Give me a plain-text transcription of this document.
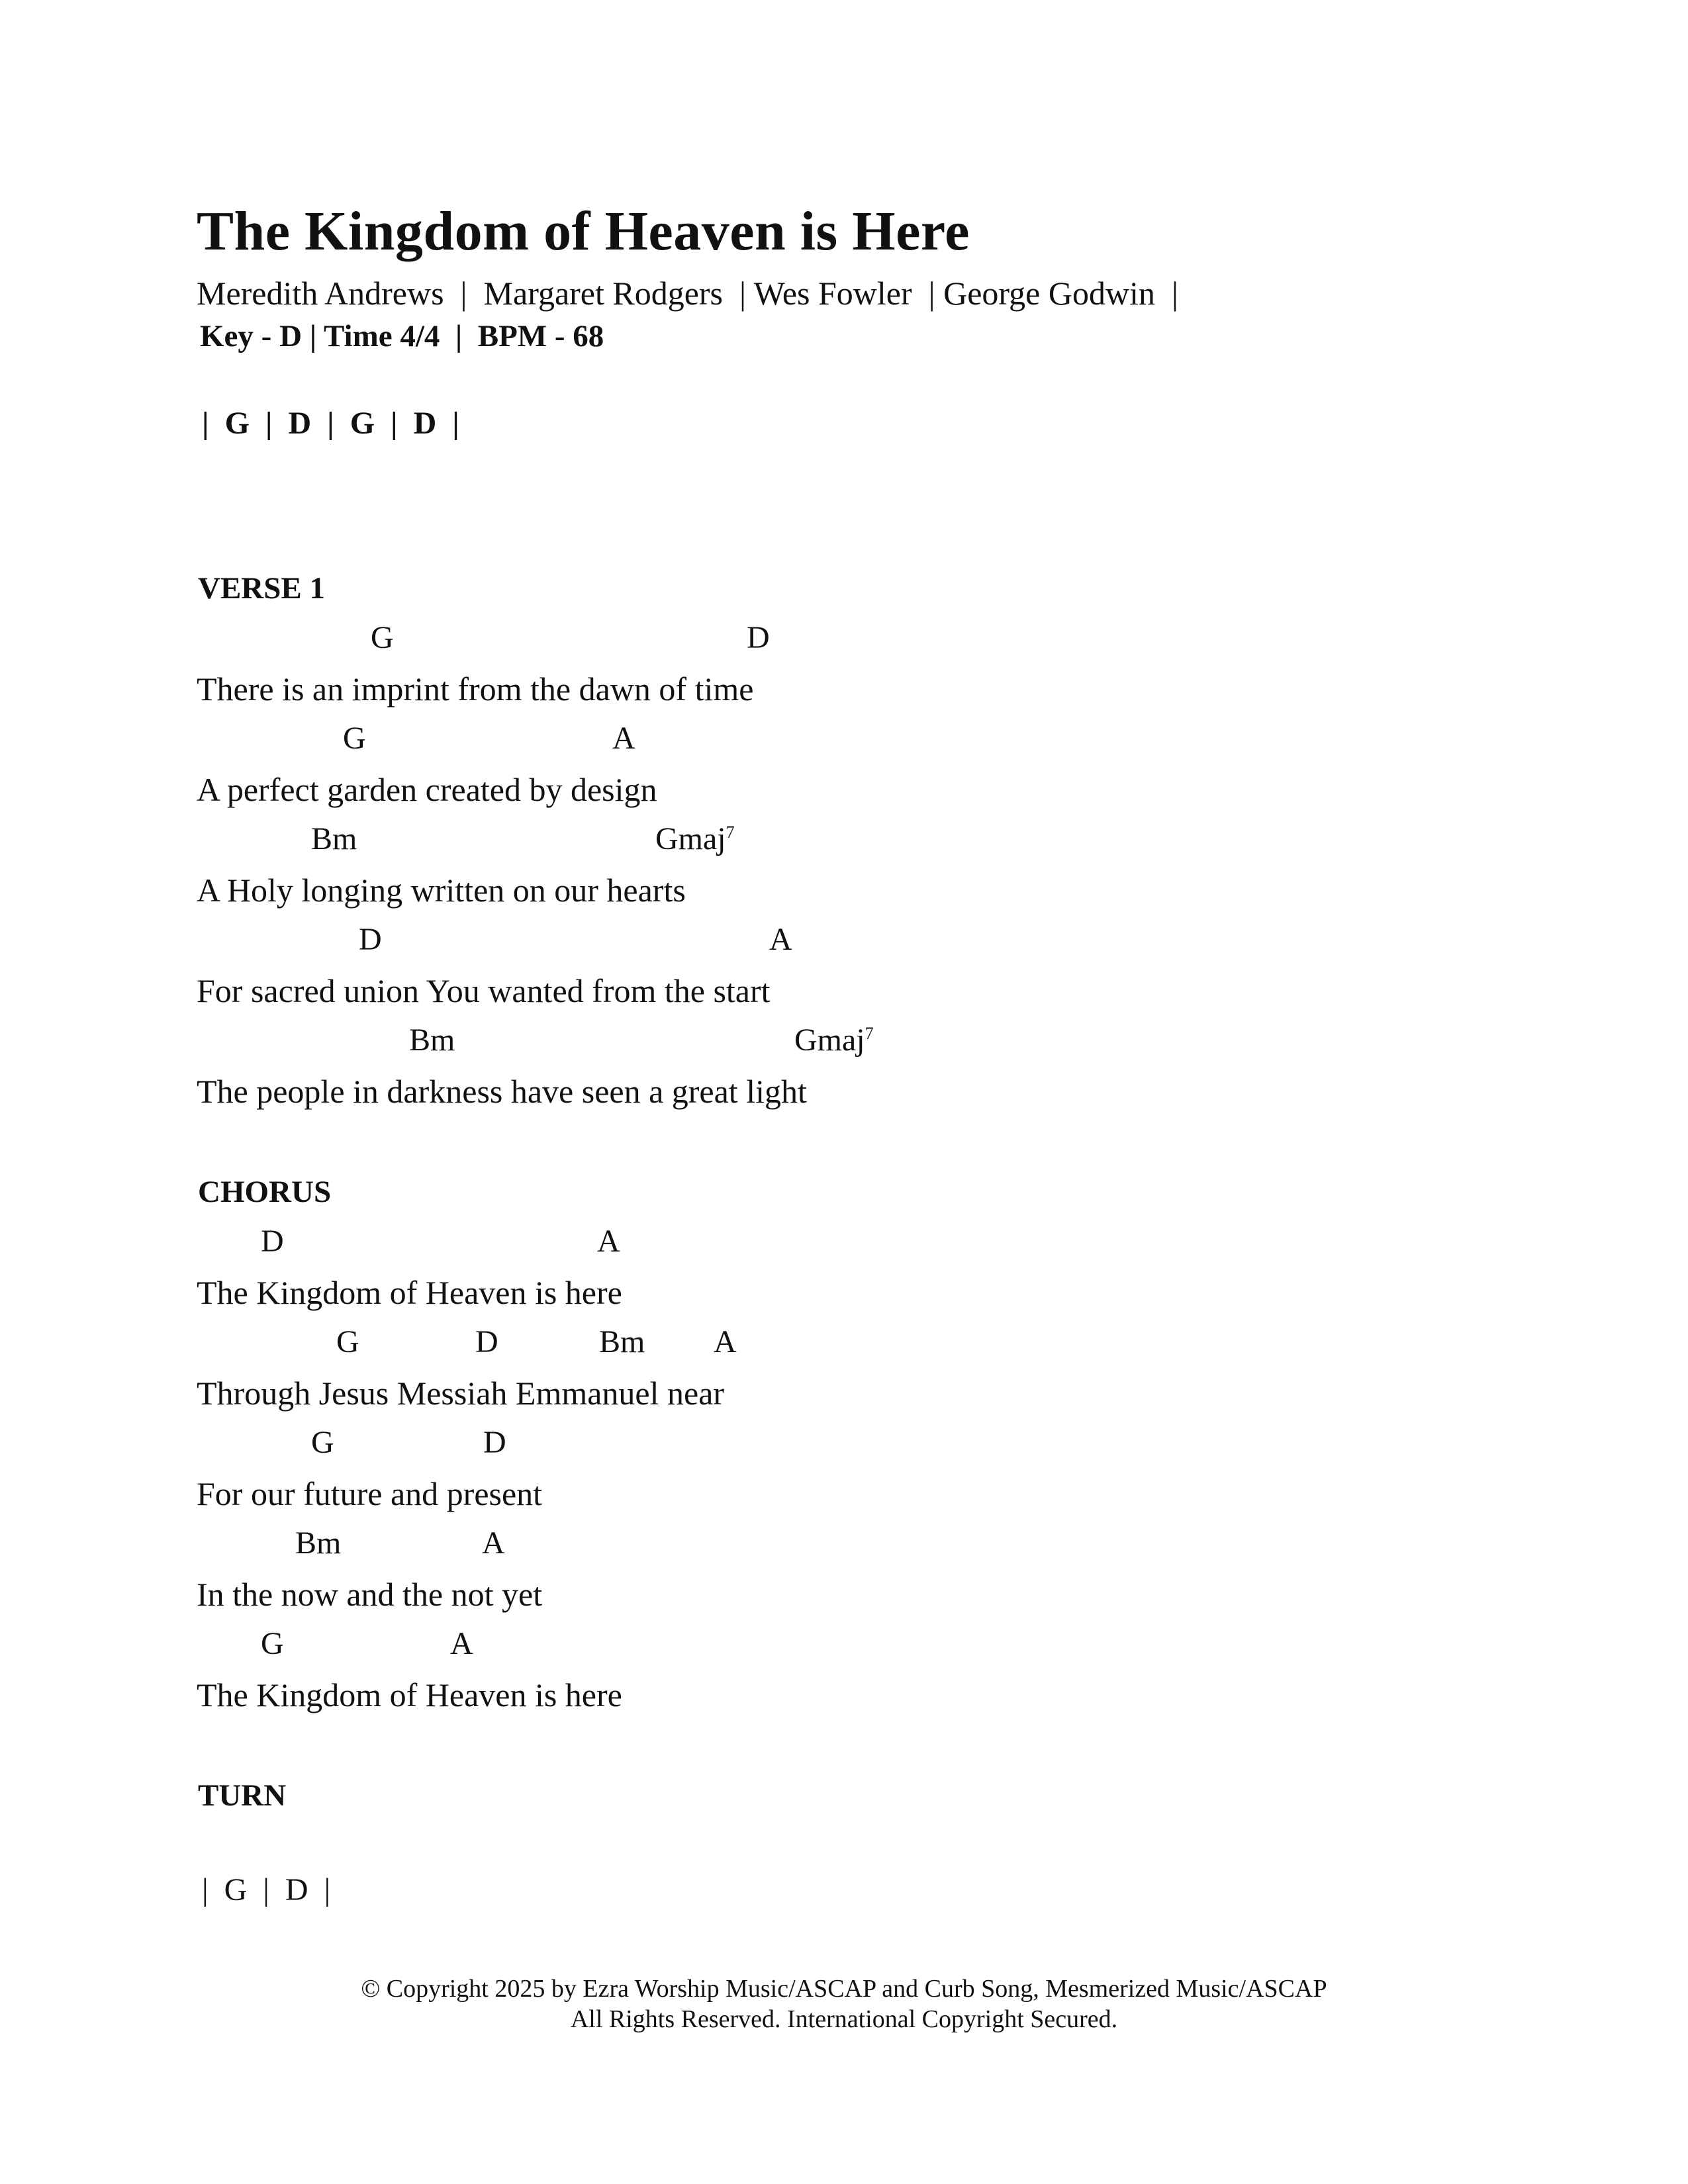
The Kingdom of Heaven is Here
Meredith Andrews  |  Margaret Rodgers  | Wes Fowler  | George Godwin  |
Key - D | Time 4/4  |  BPM - 68
|  G  |  D  |  G  |  D  |
VERSE 1
G	D
There is an imprint from the dawn of time
G	A
A perfect garden created by design
Bm	Gmaj$^7$
A Holy longing written on our hearts
D	A
For sacred union You wanted from the start
Bm	Gmaj$^7$
The people in darkness have seen a great light
CHORUS
D	A
The Kingdom of Heaven is here
G	D	Bm A
Through Jesus Messiah Emmanuel near
G	D
For our future and present
Bm	A
In the now and the not yet
G	A
The Kingdom of Heaven is here
TURN
|  G  |  D  |
© Copyright 2025 by Ezra Worship Music/ASCAP and Curb Song, Mesmerized Music/ASCAP
All Rights Reserved. International Copyright Secured.
